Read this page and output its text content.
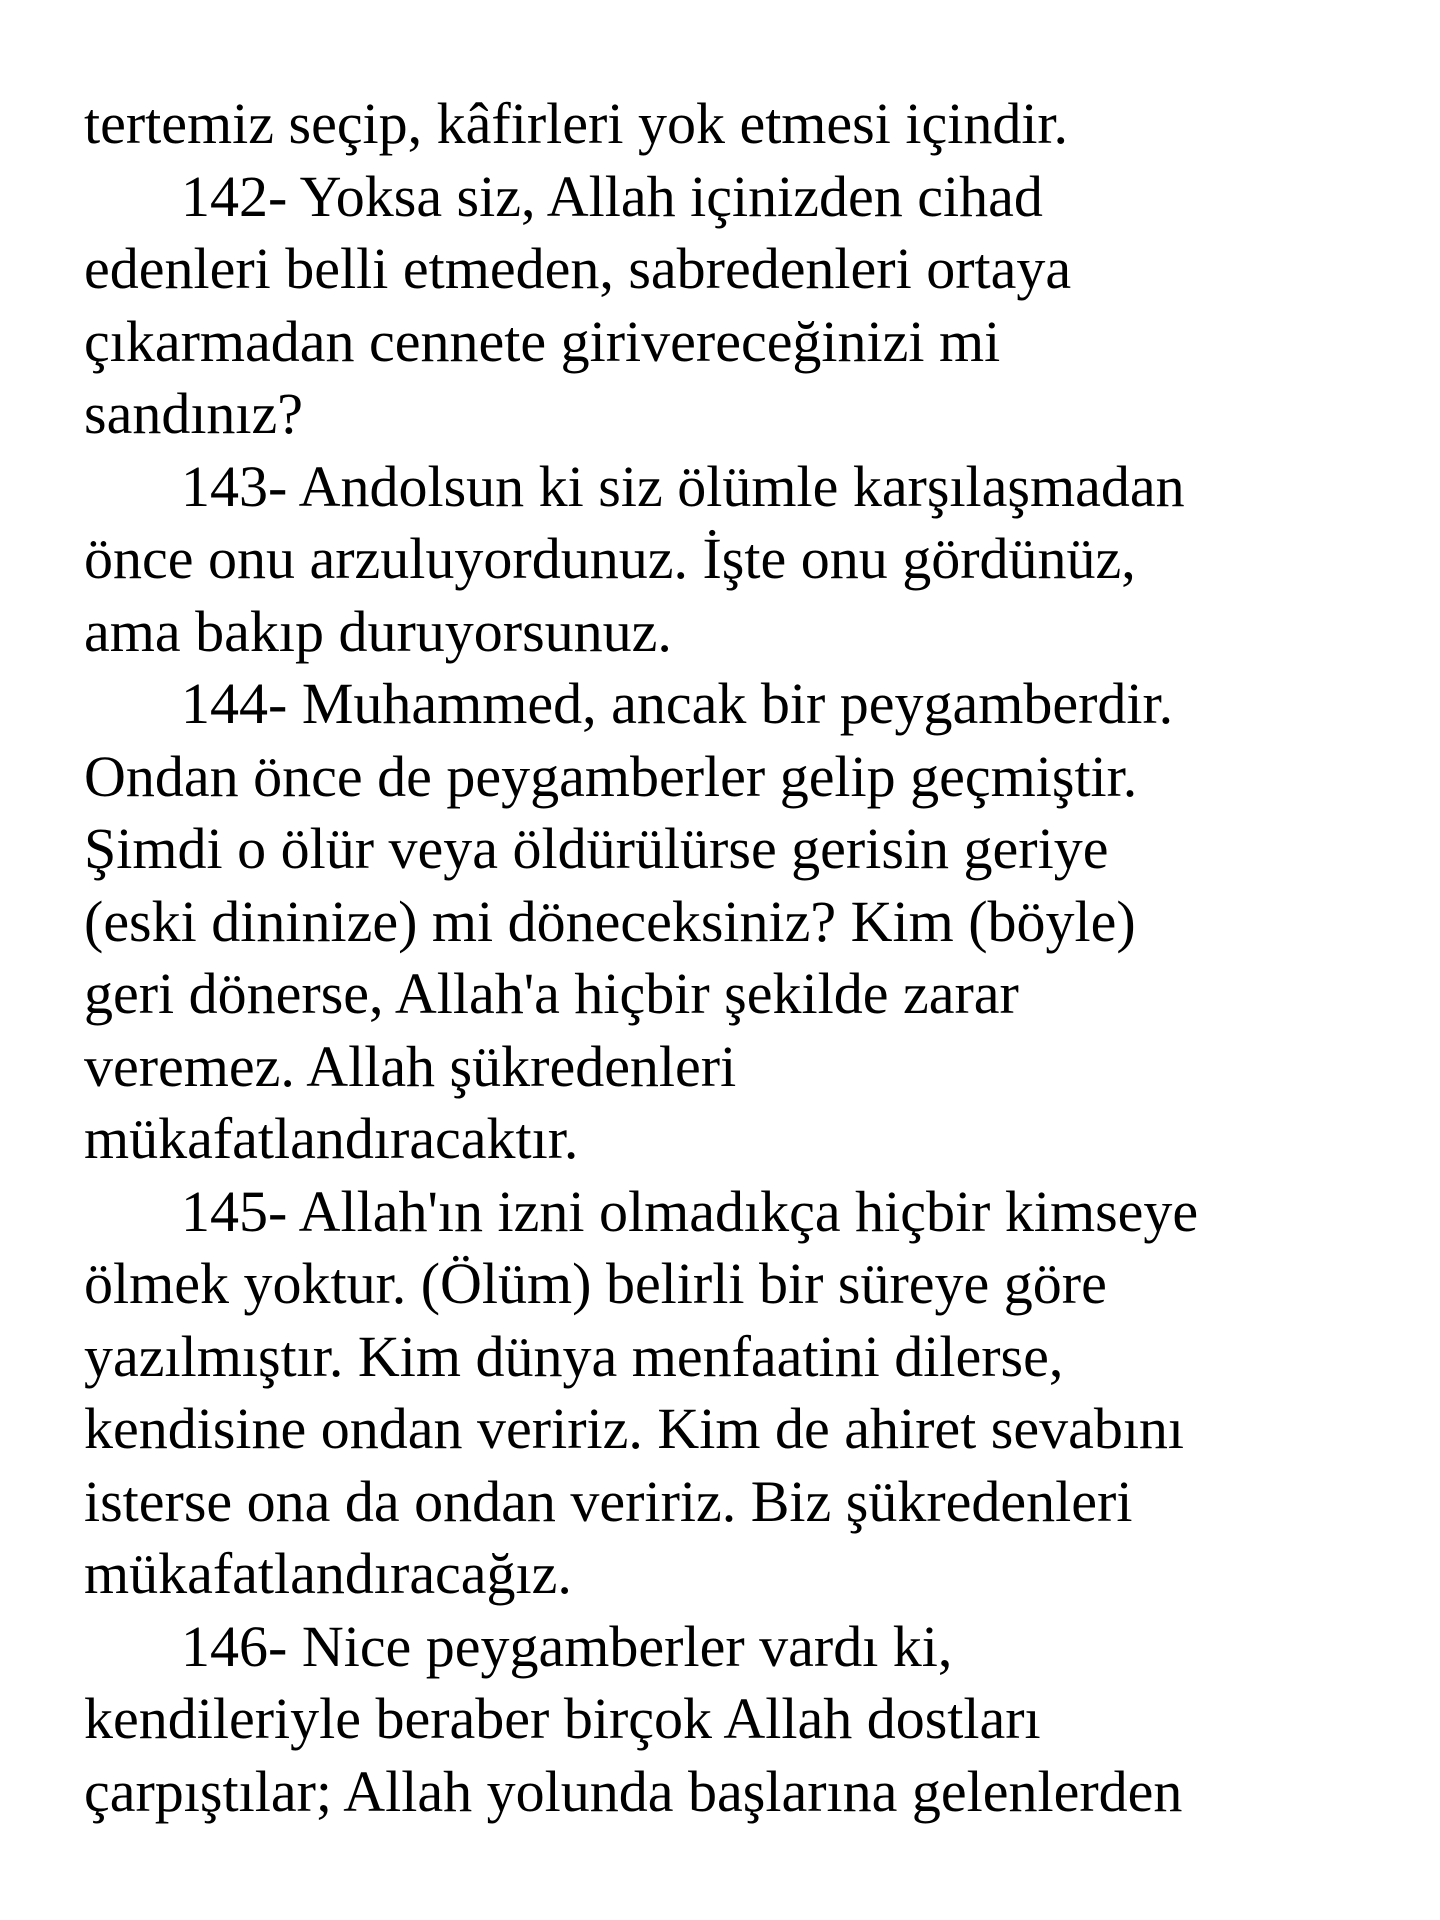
tertemiz seçip, kâfirleri yok etmesi içindir.
142- Yoksa siz, Allah içinizden cihad
edenleri belli etmeden, sabredenleri ortaya
çıkarmadan cennete girivereceğinizi mi
sandınız?
143- Andolsun ki siz ölümle karşılaşmadan
önce onu arzuluyordunuz. İşte onu gördünüz,
ama bakıp duruyorsunuz.
144- Muhammed, ancak bir peygamberdir.
Ondan önce de peygamberler gelip geçmiştir.
Şimdi o ölür veya öldürülürse gerisin geriye
(eski dininize) mi döneceksiniz? Kim (böyle)
geri dönerse, Allah'a hiçbir şekilde zarar
veremez. Allah şükredenleri
mükafatlandıracaktır.
145- Allah'ın izni olmadıkça hiçbir kimseye
ölmek yoktur. (Ölüm) belirli bir süreye göre
yazılmıştır. Kim dünya menfaatini dilerse,
kendisine ondan veririz. Kim de ahiret sevabını
isterse ona da ondan veririz. Biz şükredenleri
mükafatlandıracağız.
146- Nice peygamberler vardı ki,
kendileriyle beraber birçok Allah dostları
çarpıştılar; Allah yolunda başlarına gelenlerden
